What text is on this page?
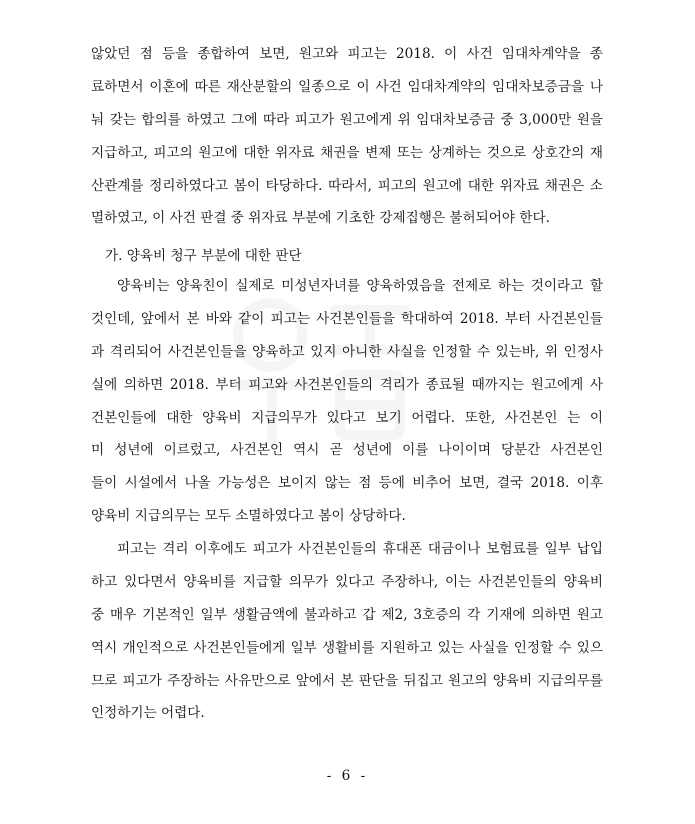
않았던 점 등을 종합하여 보면, 원고와 피고는 2018. 이 사건 임대차계약을 종
료하면서 이혼에 따른 재산분할의 일종으로 이 사건 임대차계약의 임대차보증금을 나
눠 갖는 합의를 하였고 그에 따라 피고가 원고에게 위 임대차보증금 중 3,000만 원을
지급하고, 피고의 원고에 대한 위자료 채권을 변제 또는 상계하는 것으로 상호간의 재
산관계를 정리하였다고 봄이 타당하다. 따라서, 피고의 원고에 대한 위자료 채권은 소
멸하였고, 이 사건 판결 중 위자료 부분에 기초한 강제집행은 불허되어야 한다.
가. 양육비 청구 부분에 대한 판단
양육비는 양육친이 실제로 미성년자녀를 양육하였음을 전제로 하는 것이라고 할
것인데, 앞에서 본 바와 같이 피고는 사건본인들을 학대하여 2018. 부터 사건본인들
과 격리되어 사건본인들을 양육하고 있지 아니한 사실을 인정할 수 있는바, 위 인정사
실에 의하면 2018. 부터 피고와 사건본인들의 격리가 종료될 때까지는 원고에게 사
건본인들에 대한 양육비 지급의무가 있다고 보기 어렵다. 또한, 사건본인 는 이
미 성년에 이르렀고, 사건본인 역시 곧 성년에 이를 나이이며 당분간 사건본인
들이 시설에서 나올 가능성은 보이지 않는 점 등에 비추어 보면, 결국 2018. 이후
양육비 지급의무는 모두 소멸하였다고 봄이 상당하다.
피고는 격리 이후에도 피고가 사건본인들의 휴대폰 대금이나 보험료를 일부 납입
하고 있다면서 양육비를 지급할 의무가 있다고 주장하나, 이는 사건본인들의 양육비
중 매우 기본적인 일부 생활금액에 불과하고 갑 제2, 3호증의 각 기재에 의하면 원고
역시 개인적으로 사건본인들에게 일부 생활비를 지원하고 있는 사실을 인정할 수 있으
므로 피고가 주장하는 사유만으로 앞에서 본 판단을 뒤집고 원고의 양육비 지급의무를
인정하기는 어렵다.
- 6 -
